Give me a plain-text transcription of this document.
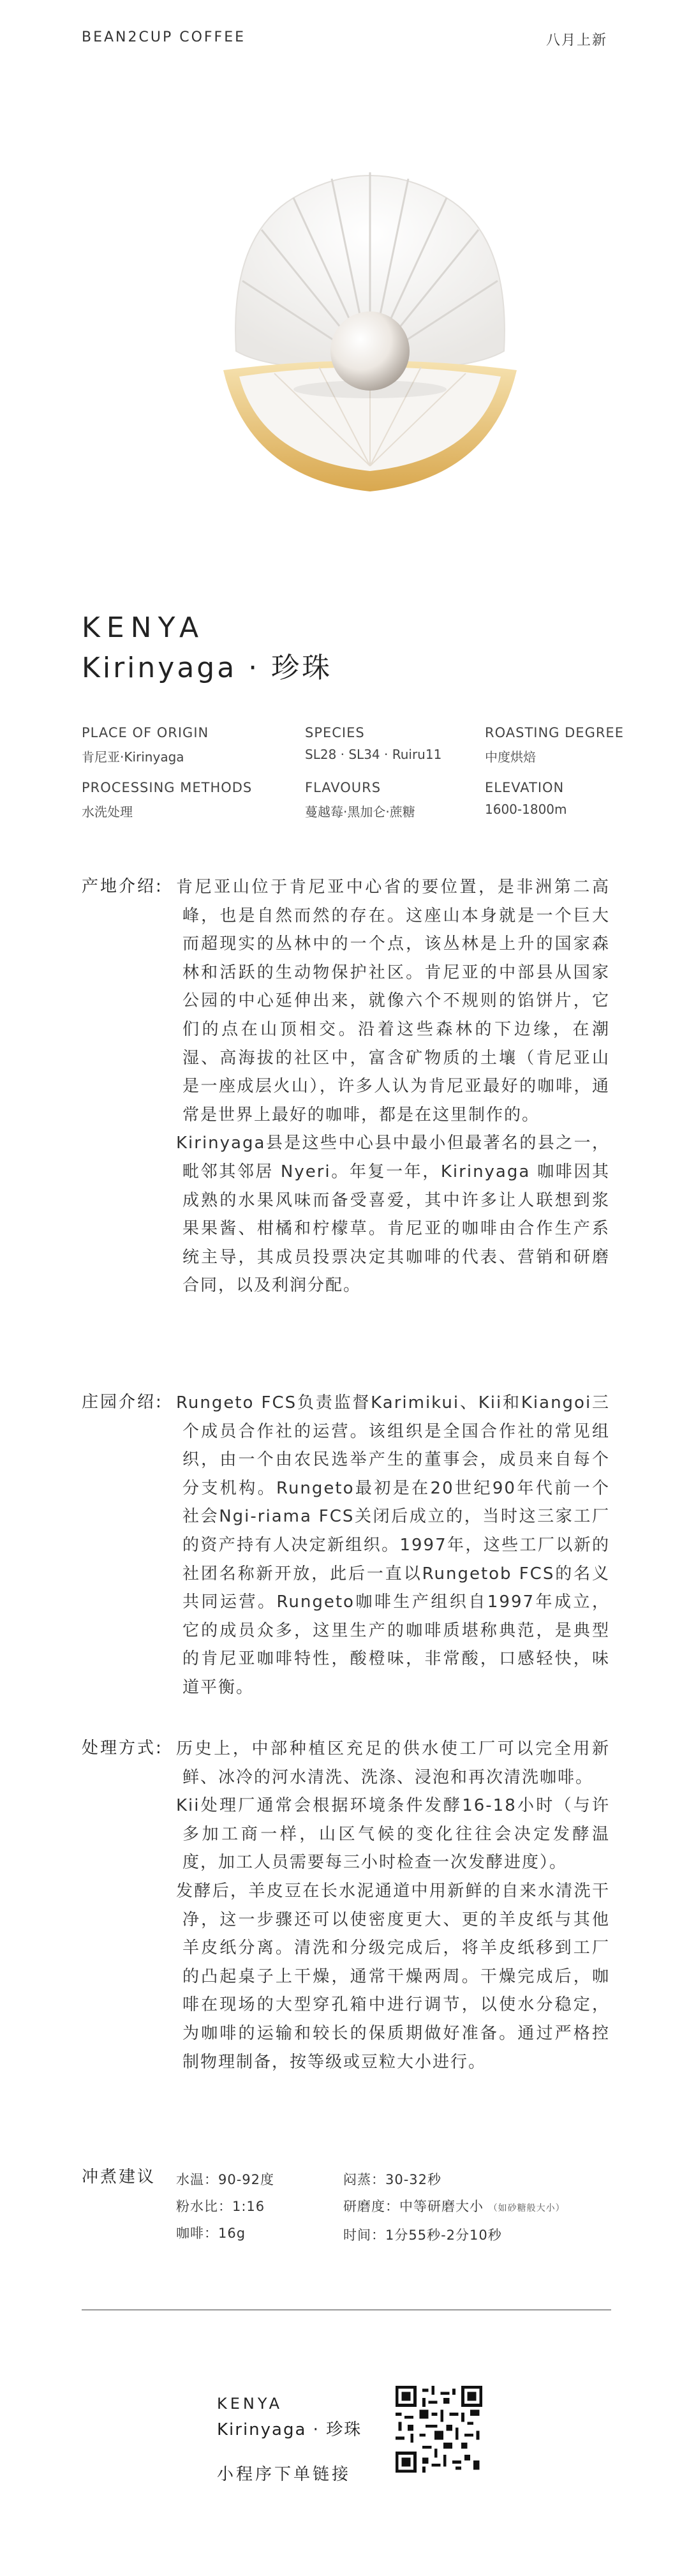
BEAN2CUP COFFEE	八月上新
KENYA
Kirinyaga · 珍珠
PLACE OF ORIGIN
肯尼亚·Kirinyaga
SPECIES
SL28 · SL34 · Ruiru11
ROASTING DEGREE
中度烘焙
PROCESSING METHODS
水洗处理
FLAVOURS
蔓越莓·黑加仑·蔗糖
ELEVATION
1600-1800m
产地介绍: 肯尼亚山位于肯尼亚中心省的要位置，是非洲第二高峰，也是自然而然的存在。这座山本身就是一个巨大而超现实的丛林中的一个点，该丛林是上升的国家森林和活跃的生动物保护社区。肯尼亚的中部县从国家公园的中心延伸出来，就像六个不规则的馅饼片，它们的点在山顶相交。沿着这些森林的下边缘，在潮湿、高海拔的社区中，富含矿物质的土壤（肯尼亚山是一座成层火山），许多人认为肯尼亚最好的咖啡，通常是世界上最好的咖啡，都是在这里制作的。

Kirinyaga县是这些中心县中最小但最著名的县之一，毗邻其邻居 Nyeri。年复一年，Kirinyaga 咖啡因其成熟的水果风味而备受喜爱，其中许多让人联想到浆果果酱、柑橘和柠檬草。肯尼亚的咖啡由合作生产系统主导，其成员投票决定其咖啡的代表、营销和研磨合同，以及利润分配。

庄园介绍: Rungeto FCS负责监督Karimikui、Kii和Kiangoi三个成员合作社的运营。该组织是全国合作社的常见组织，由一个由农民选举产生的董事会，成员来自每个分支机构。Rungeto最初是在20世纪90年代前一个社会Ngi-riama FCS关闭后成立的，当时这三家工厂的资产持有人决定新组织。1997年，这些工厂以新的社团名称新开放，此后一直以Rungetob FCS的名义共同运营。Rungeto咖啡生产组织自1997年成立，它的成员众多，这里生产的咖啡质堪称典范，是典型的肯尼亚咖啡特性，酸橙味，非常酸，口感轻快，味道平衡。

处理方式: 历史上，中部种植区充足的供水使工厂可以完全用新鲜、冰冷的河水清洗、洗涤、浸泡和再次清洗咖啡。

Kii处理厂通常会根据环境条件发酵16-18小时（与许多加工商一样，山区气候的变化往往会决定发酵温度，加工人员需要每三小时检查一次发酵进度）。

发酵后，羊皮豆在长水泥通道中用新鲜的自来水清洗干净，这一步骤还可以使密度更大、更的羊皮纸与其他羊皮纸分离。清洗和分级完成后，将羊皮纸移到工厂的凸起桌子上干燥，通常干燥两周。干燥完成后，咖啡在现场的大型穿孔箱中进行调节，以使水分稳定，为咖啡的运输和较长的保质期做好准备。通过严格控制物理制备，按等级或豆粒大小进行。

冲煮建议 水温：90-92度
粉水比：1:16
咖啡：16g
闷蒸：30-32秒
研磨度：中等研磨大小 （如砂糖般大小）
时间：1分55秒-2分10秒
KENYA
Kirinyaga · 珍珠
小程序下单链接
